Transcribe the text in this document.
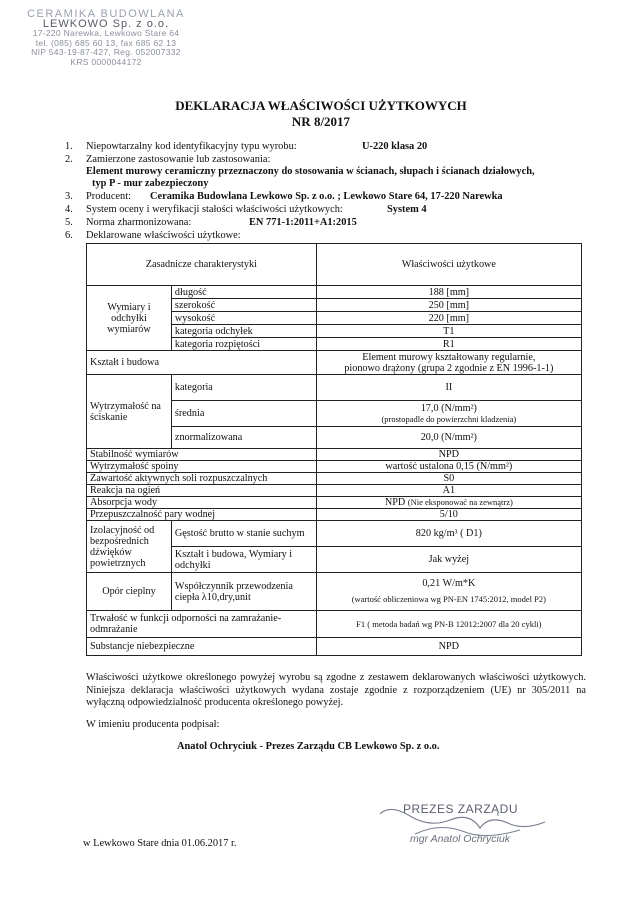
CERAMIKA BUDOWLANA
LEWKOWO Sp. z o.o.
17-220 Narewka, Lewkowo Stare 64
tel. (085) 685 60 13, fax 685 62 13
NIP 543-19-87-427, Reg. 052007332
KRS 0000044172
DEKLARACJA WŁAŚCIWOŚCI UŻYTKOWYCH
NR 8/2017
1. Niepowtarzalny kod identyfikacyjny typu wyrobu:	U-220 klasa 20
2. Zamierzone zastosowanie lub zastosowania:
Element murowy ceramiczny przeznaczony do stosowania w ścianach, słupach i ścianach działowych,
typ P - mur zabezpieczony
3. Producent: Ceramika Budowlana Lewkowo Sp. z o.o. ; Lewkowo Stare 64, 17-220 Narewka
4. System oceny i weryfikacji stałości właściwości użytkowych:	System 4
5. Norma zharmonizowana:	EN 771-1:2011+A1:2015
6. Deklarowane właściwości użytkowe:
Zasadnicze charakterystyki		Właściwości użytkowe
Wymiary i odchyłki wymiarów	długość	188 [mm]
	szerokość	250 [mm]
	wysokość	220 [mm]
	kategoria odchyłek	T1
	kategoria rozpiętości	R1
Kształt i budowa		Element murowy kształtowany regularnie,
pionowo drążony (grupa 2 zgodnie z EN 1996-1-1)

Wytrzymałość na ściskanie	kategoria	II
	średnia	17,0 (N/mm²)
(prostopadle do powierzchni kladzenia)

	znormalizowana	20,0 (N/mm²)
Stabilność wymiarów		NPD
Wytrzymałość spoiny		wartość ustalona 0,15 (N/mm²)
Zawartość aktywnych soli rozpuszczalnych		S0
Reakcja na ogień		A1
Absorpcja wody		NPD (Nie eksponować na zewnątrz)
Przepuszczalność pary wodnej		5/10
Izolacyjność od bezpośrednich dźwięków powietrznych	Gęstość brutto w stanie suchym	820 kg/m³ ( D1)
	Kształt i budowa, Wymiary i odchyłki	Jak wyżej
Opór cieplny	Współczynnik przewodzenia ciepła λ10,dry,unit	0,21 W/m*K
(wartość obliczeniowa wg PN-EN 1745:2012, model P2)

Trwałość w funkcji odporności na zamrażanie-odmrażanie		F1 ( metoda badań wg PN-B 12012:2007 dla 20 cykli)
Substancje niebezpieczne		NPD
Właściwości użytkowe określonego powyżej wyrobu są zgodne z zestawem deklarowanych właściwości użytkowych. Niniejsza deklaracja właściwości użytkowych wydana zostaje zgodnie z rozporządzeniem (UE) nr 305/2011 na wyłączną odpowiedzialność producenta określonego powyżej.
W imieniu producenta podpisał:
Anatol Ochryciuk - Prezes Zarządu CB Lewkowo Sp. z o.o.
PREZES ZARZĄDU
mgr Anatol Ochryciuk
w Lewkowo Stare dnia 01.06.2017 r.
